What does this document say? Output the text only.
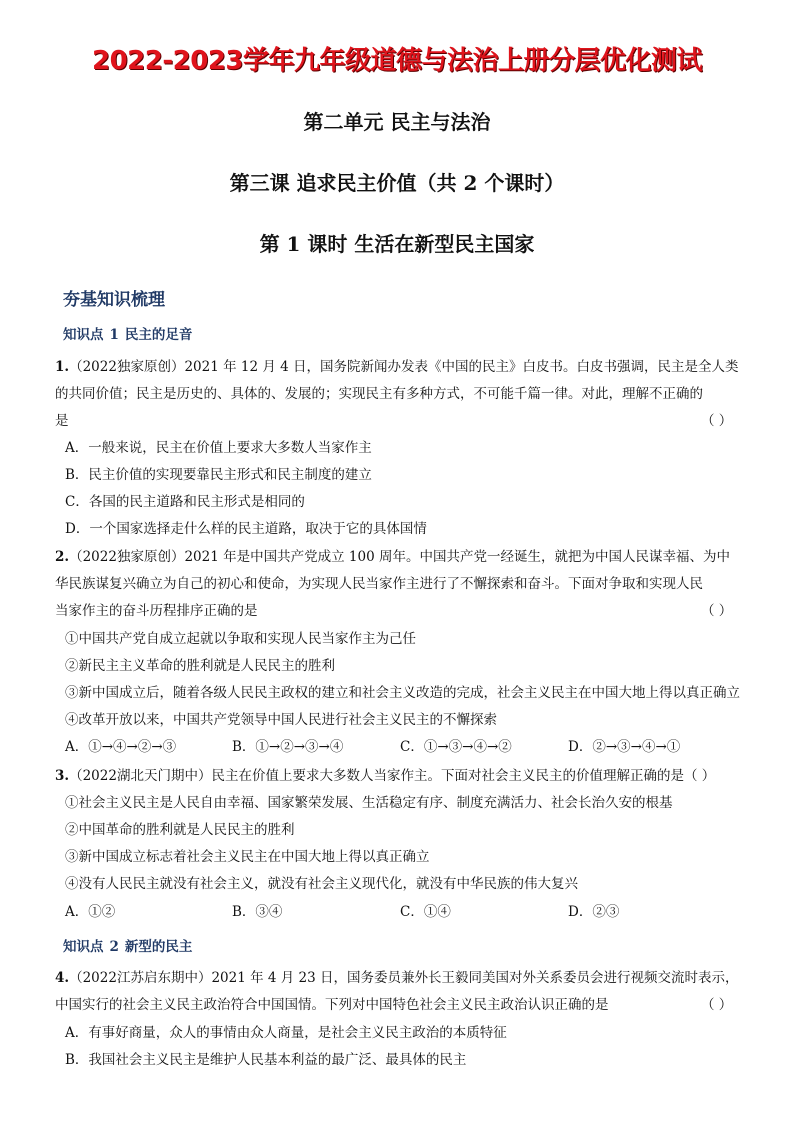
2022-2023学年九年级道德与法治上册分层优化测试
第二单元 民主与法治
第三课 追求民主价值（共 2 个课时）
第 1 课时 生活在新型民主国家
夯基知识梳理
知识点 1 民主的足音
1.（2022独家原创）2021 年 12 月 4 日，国务院新闻办发表《中国的民主》白皮书。白皮书强调，民主是全人类
的共同价值；民主是历史的、具体的、发展的；实现民主有多种方式，不可能千篇一律。对此，理解不正确的
（ ）
是
A．一般来说，民主在价值上要求大多数人当家作主
B．民主价值的实现要靠民主形式和民主制度的建立
C．各国的民主道路和民主形式是相同的
D．一个国家选择走什么样的民主道路，取决于它的具体国情
2.（2022独家原创）2021 年是中国共产党成立 100 周年。中国共产党一经诞生，就把为中国人民谋幸福、为中
华民族谋复兴确立为自己的初心和使命，为实现人民当家作主进行了不懈探索和奋斗。下面对争取和实现人民
（ ）
当家作主的奋斗历程排序正确的是
①中国共产党自成立起就以争取和实现人民当家作主为己任
②新民主主义革命的胜利就是人民民主的胜利
③新中国成立后，随着各级人民民主政权的建立和社会主义改造的完成，社会主义民主在中国大地上得以真正确立
④改革开放以来，中国共产党领导中国人民进行社会主义民主的不懈探索
A．①→④→②→③	B．①→②→③→④	C．①→③→④→②	D．②→③→④→①
3.（2022湖北天门期中）民主在价值上要求大多数人当家作主。下面对社会主义民主的价值理解正确的是（ ）
①社会主义民主是人民自由幸福、国家繁荣发展、生活稳定有序、制度充满活力、社会长治久安的根基
②中国革命的胜利就是人民民主的胜利
③新中国成立标志着社会主义民主在中国大地上得以真正确立
④没有人民民主就没有社会主义，就没有社会主义现代化，就没有中华民族的伟大复兴
A．①②	B．③④	C．①④	D．②③
知识点 2 新型的民主
4.（2022江苏启东期中）2021 年 4 月 23 日，国务委员兼外长王毅同美国对外关系委员会进行视频交流时表示，
（ ）
中国实行的社会主义民主政治符合中国国情。下列对中国特色社会主义民主政治认识正确的是
A．有事好商量，众人的事情由众人商量，是社会主义民主政治的本质特征
B．我国社会主义民主是维护人民基本利益的最广泛、最具体的民主
